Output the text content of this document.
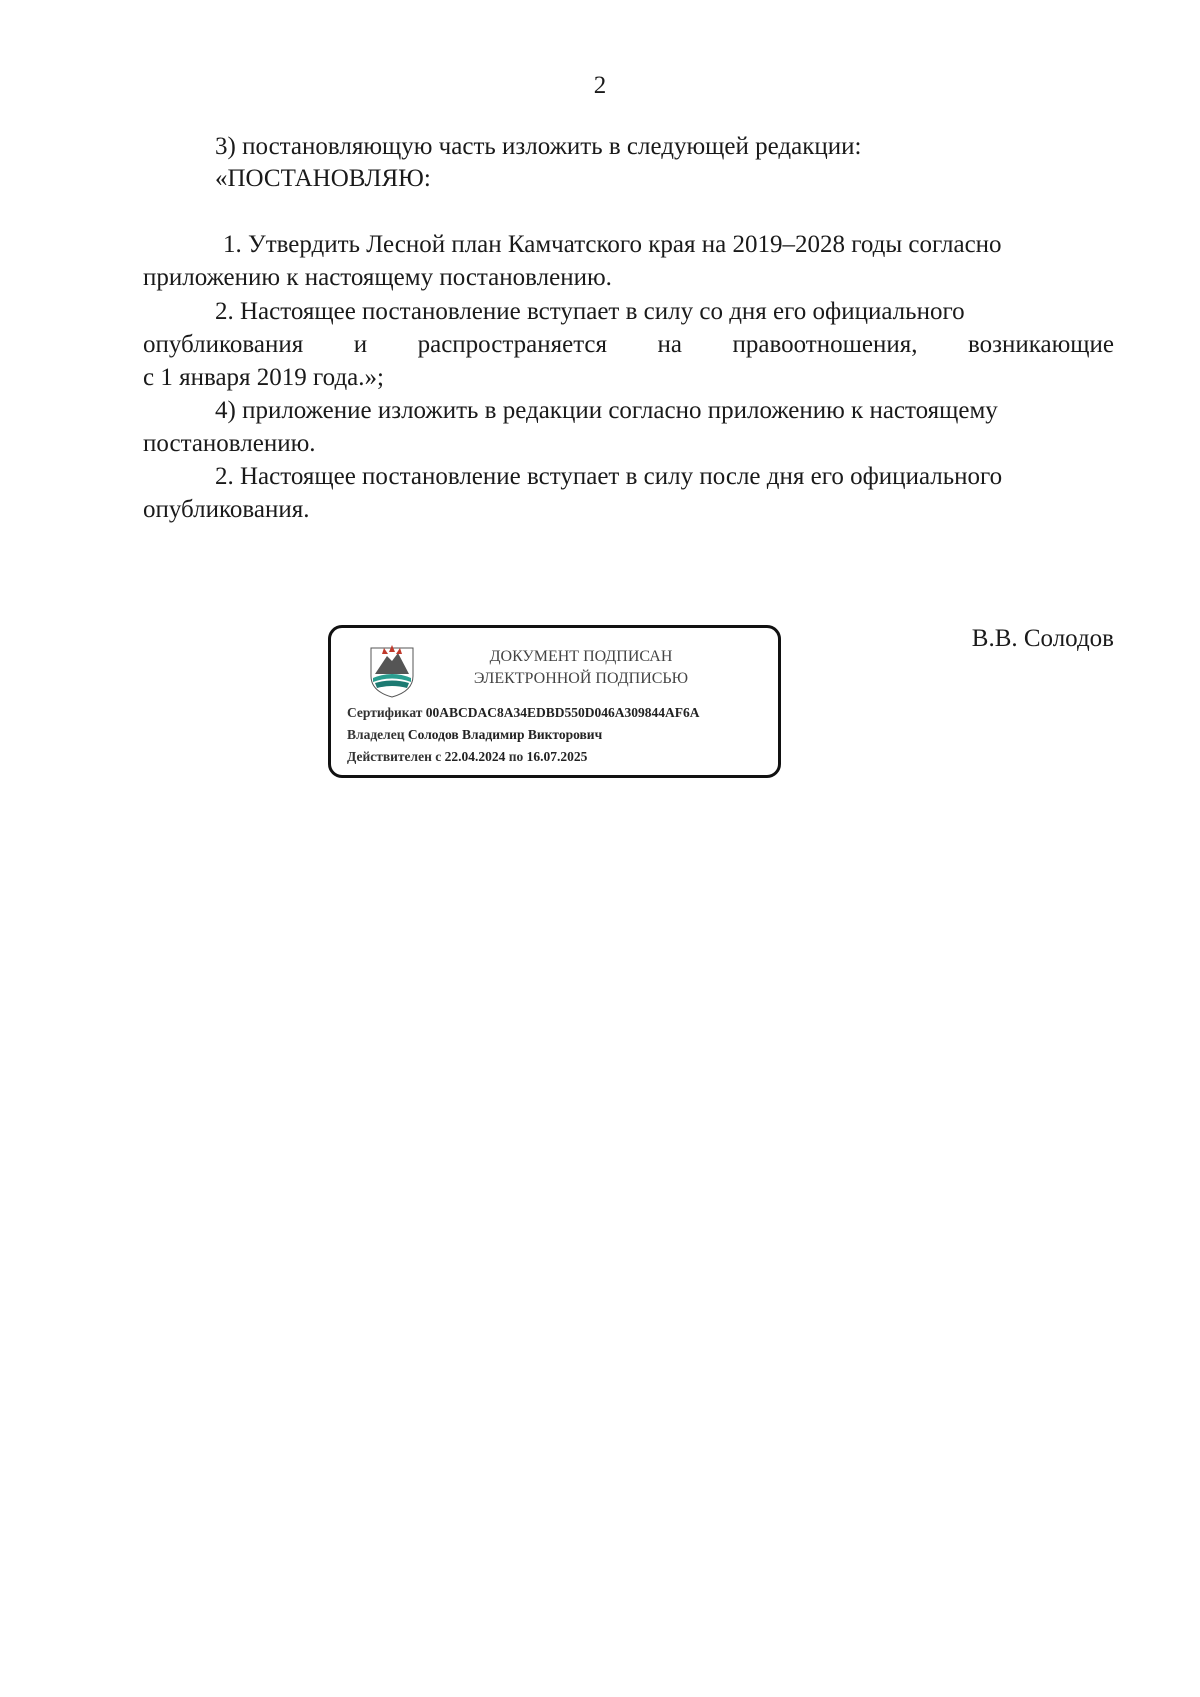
2
3) постановляющую часть изложить в следующей редакции:
«ПОСТАНОВЛЯЮ:
1. Утвердить Лесной план Камчатского края на 2019–2028 годы согласно
приложению к настоящему постановлению.
2. Настоящее постановление вступает в силу со дня его официального
опубликования и распространяется на правоотношения, возникающие
с 1 января 2019 года.»;
4) приложение изложить в редакции согласно приложению к настоящему
постановлению.
2. Настоящее постановление вступает в силу после дня его официального
опубликования.
В.В. Солодов
ДОКУМЕНТ ПОДПИСАН
ЭЛЕКТРОННОЙ ПОДПИСЬЮ
Сертификат 00ABCDAC8A34EDBD550D046A309844AF6A
Владелец Солодов Владимир Викторович
Действителен с 22.04.2024 по 16.07.2025
